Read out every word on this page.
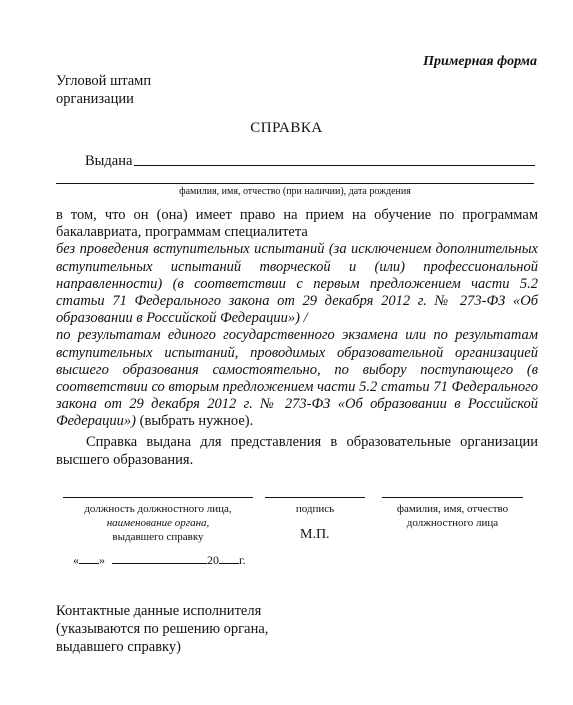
Примерная форма
Угловой штамп
организации
СПРАВКА
Выдана
фамилия, имя, отчество (при наличии), дата рождения

в том, что он (она) имеет право на прием на обучение по программам бакалавриата, программам специалитета

без проведения вступительных испытаний (за исключением дополнительных вступительных испытаний творческой и (или) профессиональной направленности) (в соответствии с первым предложением части 5.2 статьи 71 Федерального закона от 29 декабря 2012 г. № 273-ФЗ «Об образовании в Российской Федерации») /

по результатам единого государственного экзамена или по результатам вступительных испытаний, проводимых образовательной организацией высшего образования самостоятельно, по выбору поступающего (в соответствии со вторым предложением части 5.2 статьи 71 Федерального закона от 29 декабря 2012 г. № 273-ФЗ «Об образовании в Российской Федерации») (выбрать нужное).

Справка выдана для представления в образовательные организации высшего образования.
должность должностного лица,
наименование органа,
выдавшего справку
подпись	фамилия, имя, отчество
должностного лица
М.П.
« »	20 г.
Контактные данные исполнителя
(указываются по решению органа,
выдавшего справку)
